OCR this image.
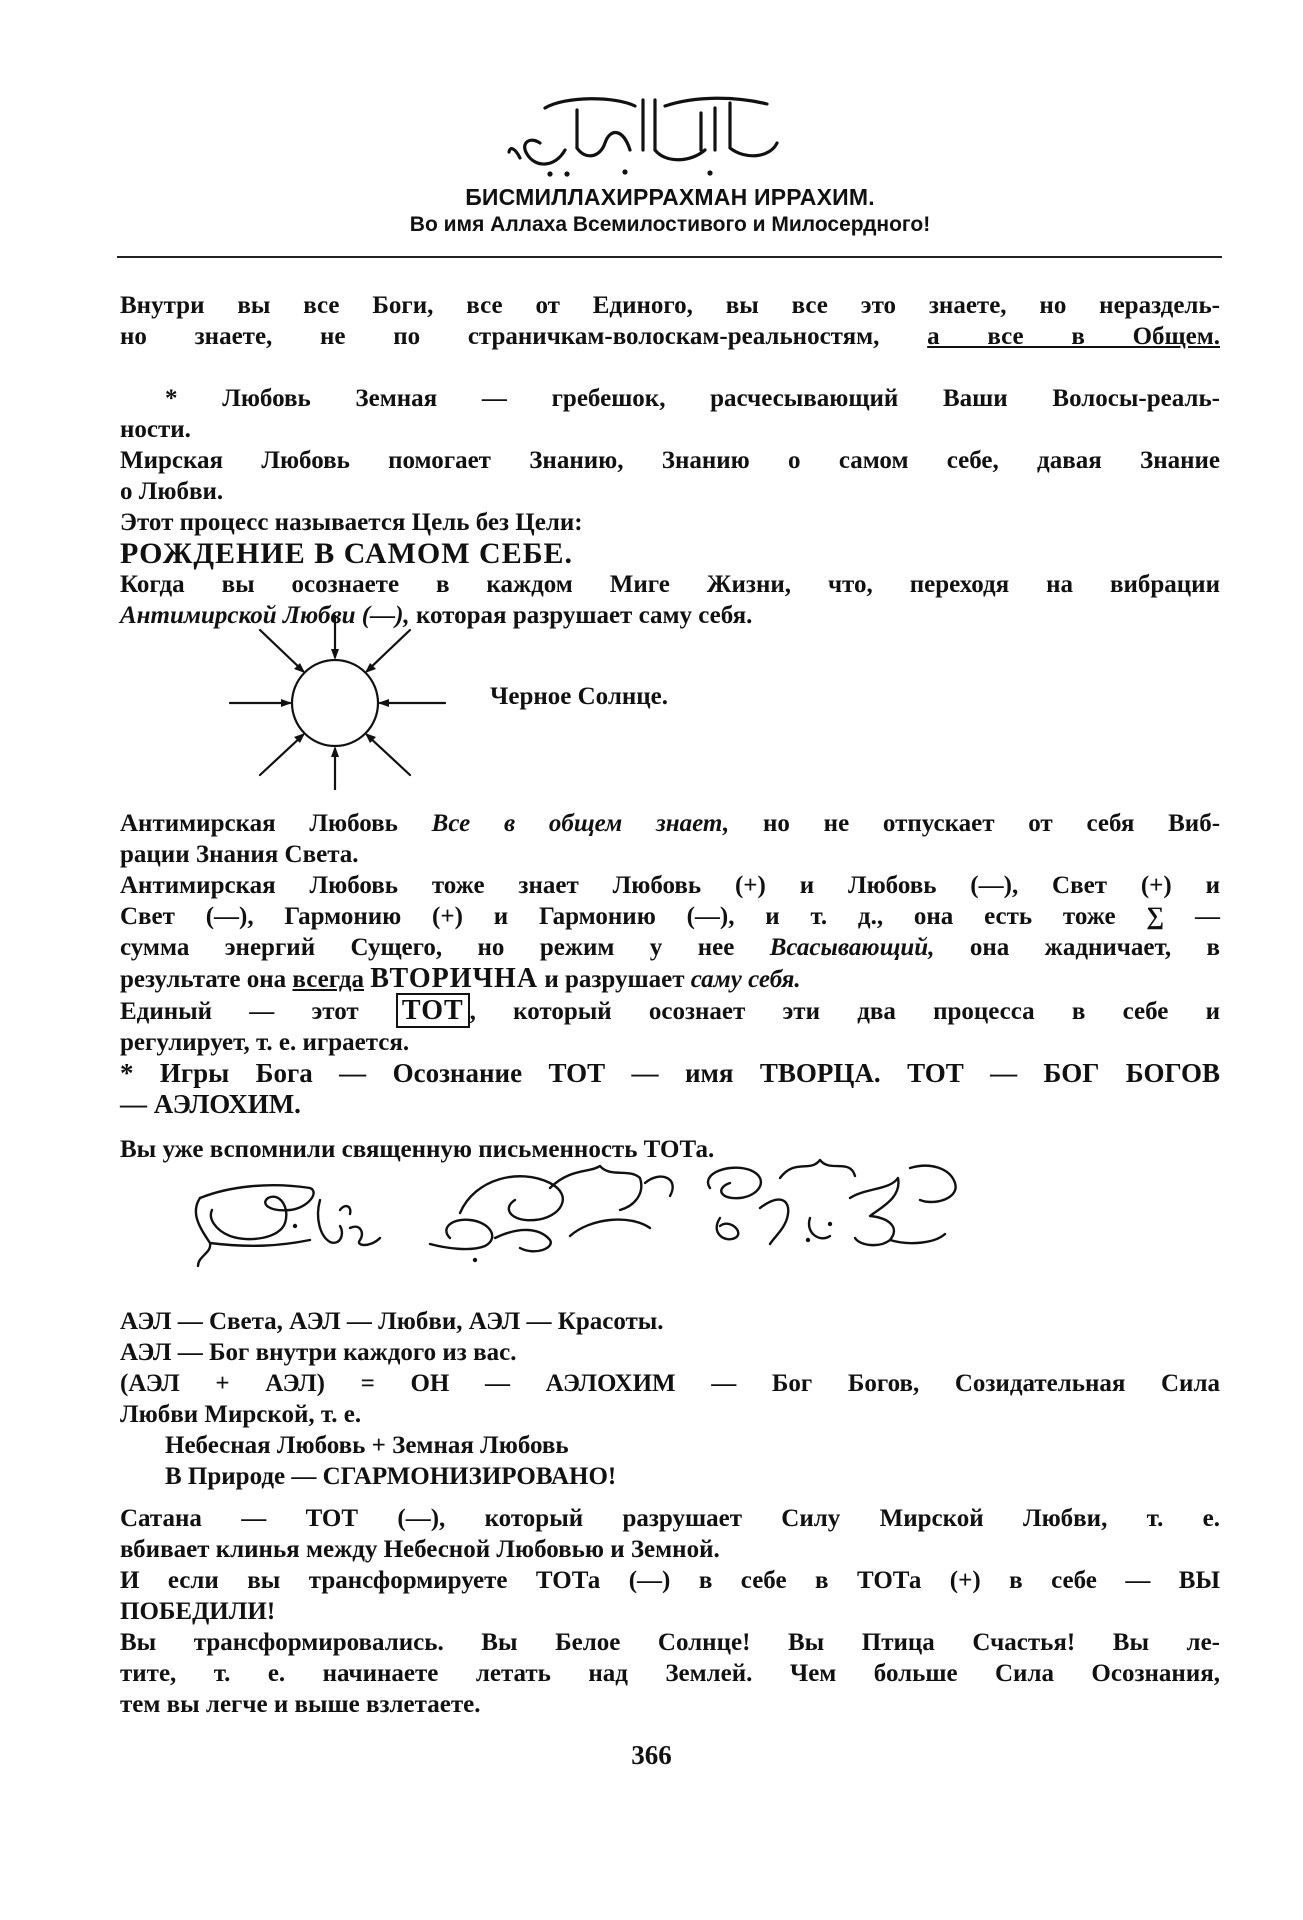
БИСМИЛЛАХИРРАХМАН ИРРАХИМ.
Во имя Аллаха Всемилостивого и Милосердного!
Внутри вы все Боги, все от Единого, вы все это знаете, но нераздель-
но знаете, не по страничкам-волоскам-реальностям, а все в Общем.
* Любовь Земная — гребешок, расчесывающий Ваши Волосы-реаль-
ности.
Мирская Любовь помогает Знанию, Знанию о самом себе, давая Знание
о Любви.
Этот процесс называется Цель без Цели:
РОЖДЕНИЕ В САМОМ СЕБЕ.
Когда вы осознаете в каждом Миге Жизни, что, переходя на вибрации
Антимирской Любви (—), которая разрушает саму себя.
Черное Солнце.
Антимирская Любовь Все в общем знает, но не отпускает от себя Виб-
рации Знания Света.
Антимирская Любовь тоже знает Любовь (+) и Любовь (—), Свет (+) и
Свет (—), Гармонию (+) и Гармонию (—), и т. д., она есть тоже ∑ —
сумма энергий Сущего, но режим у нее Всасывающий, она жадничает, в
результате она всегда ВТОРИЧНА и разрушает саму себя.
Единый — этот ТОТ , который осознает эти два процесса в себе и
регулирует, т. е. играется.
* Игры Бога — Осознание ТОТ — имя ТВОРЦА. ТОТ — БОГ БОГОВ
— АЭЛОХИМ.
Вы уже вспомнили священную письменность ТОТа.
АЭЛ — Света, АЭЛ — Любви, АЭЛ — Красоты.
АЭЛ — Бог внутри каждого из вас.
(АЭЛ + АЭЛ) = ОН — АЭЛОХИМ — Бог Богов, Созидательная Сила
Любви Мирской, т. е.
Небесная Любовь + Земная Любовь
В Природе — СГАРМОНИЗИРОВАНО!
Сатана — ТОТ (—), который разрушает Силу Мирской Любви, т. е.
вбивает клинья между Небесной Любовью и Земной.
И если вы трансформируете ТОТа (—) в себе в ТОТа (+) в себе — ВЫ
ПОБЕДИЛИ!
Вы трансформировались. Вы Белое Солнце! Вы Птица Счастья! Вы ле-
тите, т. е. начинаете летать над Землей. Чем больше Сила Осознания,
тем вы легче и выше взлетаете.
366
